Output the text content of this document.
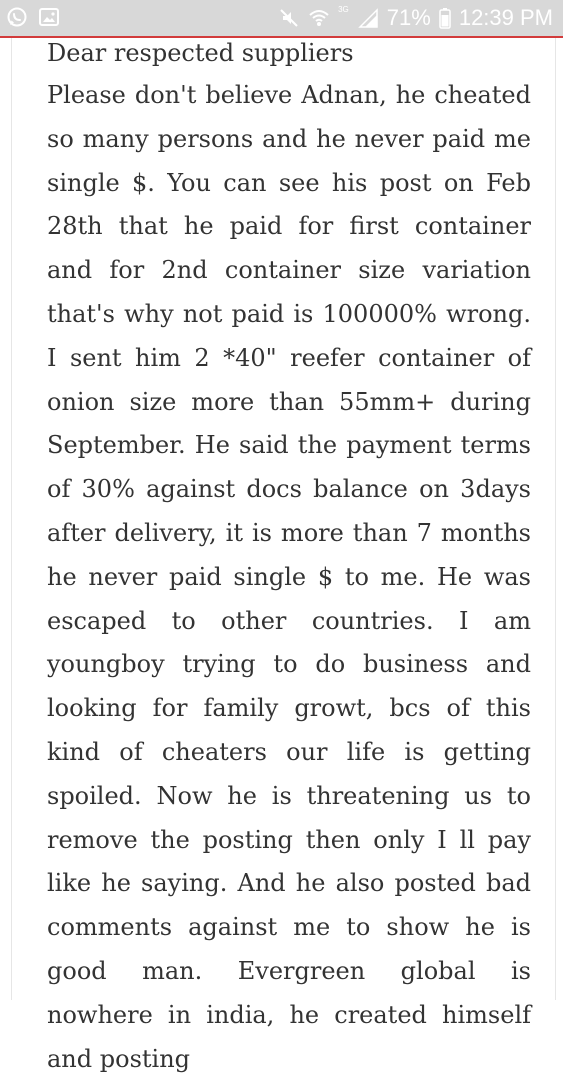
3G 71% 12:39 PM
Dear respected suppliers
Please don't believe Adnan, he cheated so many persons and he never paid me single $. You can see his post on Feb 28th that he paid for first container and for 2nd container size variation that's why not paid is 100000% wrong. I sent him 2 *40" reefer container of onion size more than 55mm+ during September. He said the payment terms of 30% against docs balance on 3days after delivery, it is more than 7 months he never paid single $ to me. He was escaped to other countries. I am youngboy trying to do business and looking for family growt, bcs of this kind of cheaters our life is getting spoiled. Now he is threatening us to remove the posting then only I ll pay like he saying. And he also posted bad comments against me to show he is good man. Evergreen global is nowhere in india, he created himself and posting
